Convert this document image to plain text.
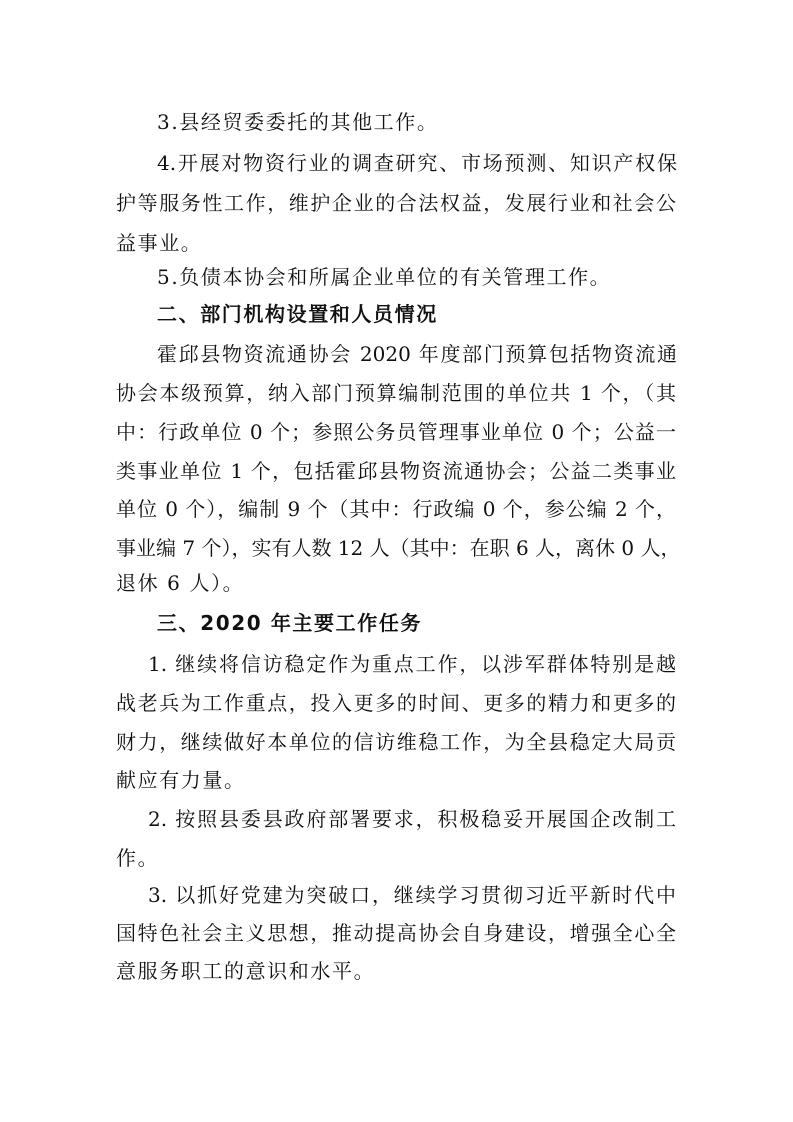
3.县经贸委委托的其他工作。
4.开展对物资行业的调查研究、市场预测、知识产权保
护等服务性工作，维护企业的合法权益，发展行业和社会公
益事业。
5.负债本协会和所属企业单位的有关管理工作。
二、部门机构设置和人员情况
霍邱县物资流通协会 2020 年度部门预算包括物资流通
协会本级预算，纳入部门预算编制范围的单位共 1 个，（其
中：行政单位 0 个；参照公务员管理事业单位 0 个；公益一
类事业单位 1 个，包括霍邱县物资流通协会；公益二类事业
单位 0 个），编制 9 个（其中：行政编 0 个，参公编 2 个，
事业编 7 个），实有人数 12 人（其中：在职 6 人，离休 0 人，
退休 6 人）。
三、2020 年主要工作任务
1. 继续将信访稳定作为重点工作，以涉军群体特别是越
战老兵为工作重点，投入更多的时间、更多的精力和更多的
财力，继续做好本单位的信访维稳工作，为全县稳定大局贡
献应有力量。
2. 按照县委县政府部署要求，积极稳妥开展国企改制工
作。
3. 以抓好党建为突破口，继续学习贯彻习近平新时代中
国特色社会主义思想，推动提高协会自身建设，增强全心全
意服务职工的意识和水平。
